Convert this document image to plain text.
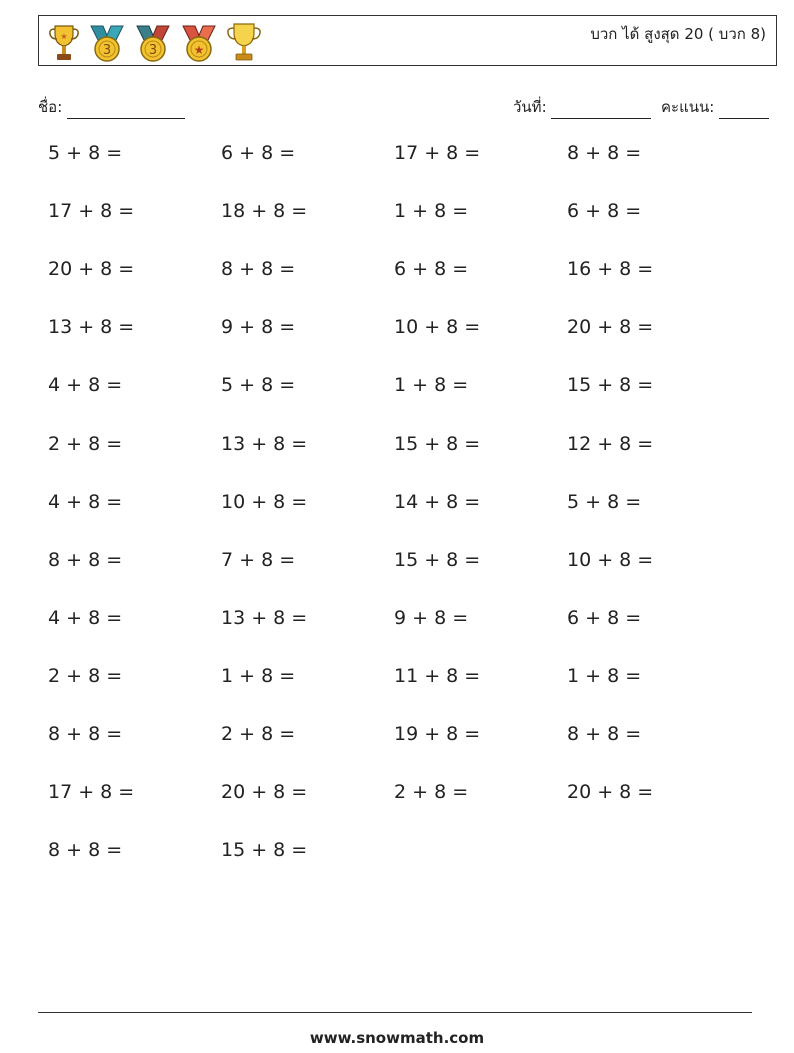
★
3	3	★
บวก ได้ สูงสุด 20 ( บวก 8)
ชื่อ:	วันที่:	คะแนน:
5 + 8 =	6 + 8 =	17 + 8 =	8 + 8 =
17 + 8 =	18 + 8 =	1 + 8 =	6 + 8 =
20 + 8 =	8 + 8 =	6 + 8 =	16 + 8 =
13 + 8 =	9 + 8 =	10 + 8 =	20 + 8 =
4 + 8 =	5 + 8 =	1 + 8 =	15 + 8 =
2 + 8 =	13 + 8 =	15 + 8 =	12 + 8 =
4 + 8 =	10 + 8 =	14 + 8 =	5 + 8 =
8 + 8 =	7 + 8 =	15 + 8 =	10 + 8 =
4 + 8 =	13 + 8 =	9 + 8 =	6 + 8 =
2 + 8 =	1 + 8 =	11 + 8 =	1 + 8 =
8 + 8 =	2 + 8 =	19 + 8 =	8 + 8 =
17 + 8 =	20 + 8 =	2 + 8 =	20 + 8 =
8 + 8 =	15 + 8 =
www.snowmath.com
